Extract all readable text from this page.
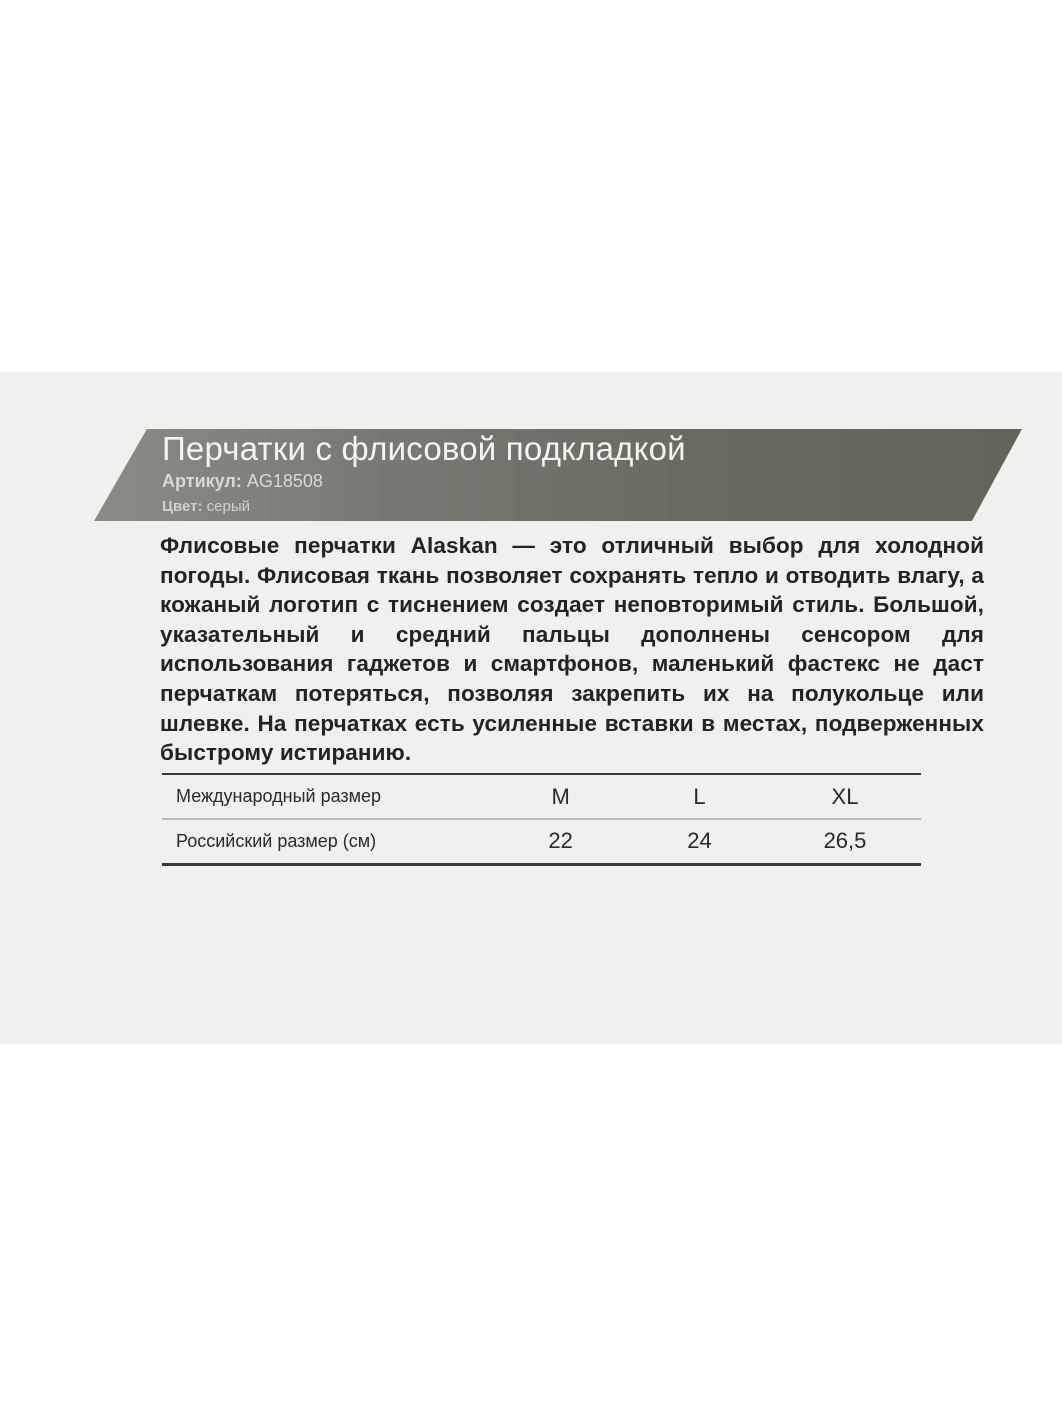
Перчатки с флисовой подкладкой
Артикул: AG18508
Цвет: серый

Флисовые перчатки Alaskan — это отличный выбор для холодной погоды. Флисовая ткань позволяет сохранять тепло и отводить влагу, а кожаный логотип с тиснением создает неповторимый стиль. Большой, указательный и средний пальцы дополнены сенсором для использования гаджетов и смартфонов, маленький фастекс не даст перчаткам потеряться, позволяя закрепить их на полукольце или шлевке. На перчатках есть усиленные вставки в местах, подверженных быстрому истиранию.

Международный размер	M	L	XL
Российский размер (см)	22	24	26,5
